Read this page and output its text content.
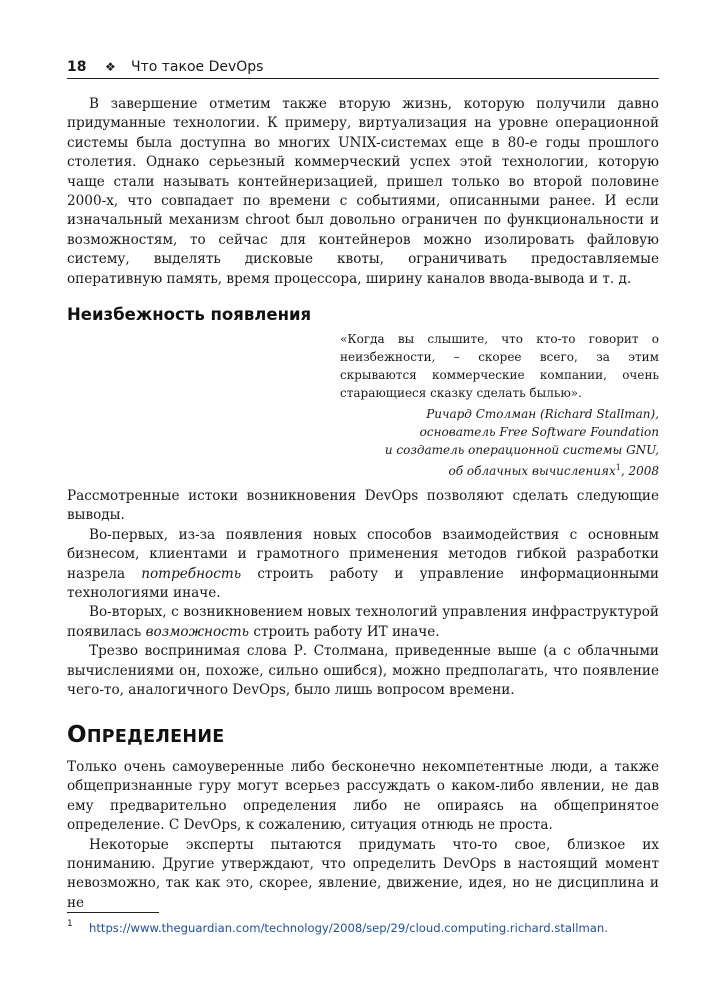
18 ❖ Что такое DevOps

В завершение отметим также вторую жизнь, которую получили давно придуманные технологии. К примеру, виртуализация на уровне операционной системы была доступна во многих UNIX-системах еще в 80-е годы прошлого столетия. Однако серьезный коммерческий успех этой технологии, которую чаще стали называть контейнеризацией, пришел только во второй половине 2000-х, что совпадает по времени с событиями, описанными ранее. И если изначальный механизм chroot был довольно ограничен по функциональности и возможностям, то сейчас для контейнеров можно изолировать файловую систему, выделять дисковые квоты, ограничивать предоставляемые оперативную память, время процессора, ширину каналов ввода-вывода и т. д.

Неизбежность появления

«Когда вы слышите, что кто-то говорит о неизбежности, – скорее всего, за этим скрываются коммерческие компании, очень старающиеся сказку сделать былью».

Ричард Столман (Richard Stallman),
основатель Free Software Foundation
и создатель операционной системы GNU,
об облачных вычислениях$^1$, 2008

Рассмотренные истоки возникновения DevOps позволяют сделать следующие выводы.

Во-первых, из-за появления новых способов взаимодействия с основным бизнесом, клиентами и грамотного применения методов гибкой разработки назрела потребность строить работу и управление информационными технологиями иначе.

Во-вторых, с возникновением новых технологий управления инфраструктурой появилась возможность строить работу ИТ иначе.

Трезво воспринимая слова Р. Столмана, приведенные выше (а с облачными вычислениями он, похоже, сильно ошибся), можно предполагать, что появление чего-то, аналогичного DevOps, было лишь вопросом времени.

ОПРЕДЕЛЕНИЕ

Только очень самоуверенные либо бесконечно некомпетентные люди, а также общепризнанные гуру могут всерьез рассуждать о каком-либо явлении, не дав ему предварительно определения либо не опираясь на общепринятое определение. С DevOps, к сожалению, ситуация отнюдь не проста.

Некоторые эксперты пытаются придумать что-то свое, близкое их пониманию. Другие утверждают, что определить DevOps в настоящий момент невозможно, так как это, скорее, явление, движение, идея, но не дисциплина и не

1 https://www.theguardian.com/technology/2008/sep/29/cloud.computing.richard.stallman.
